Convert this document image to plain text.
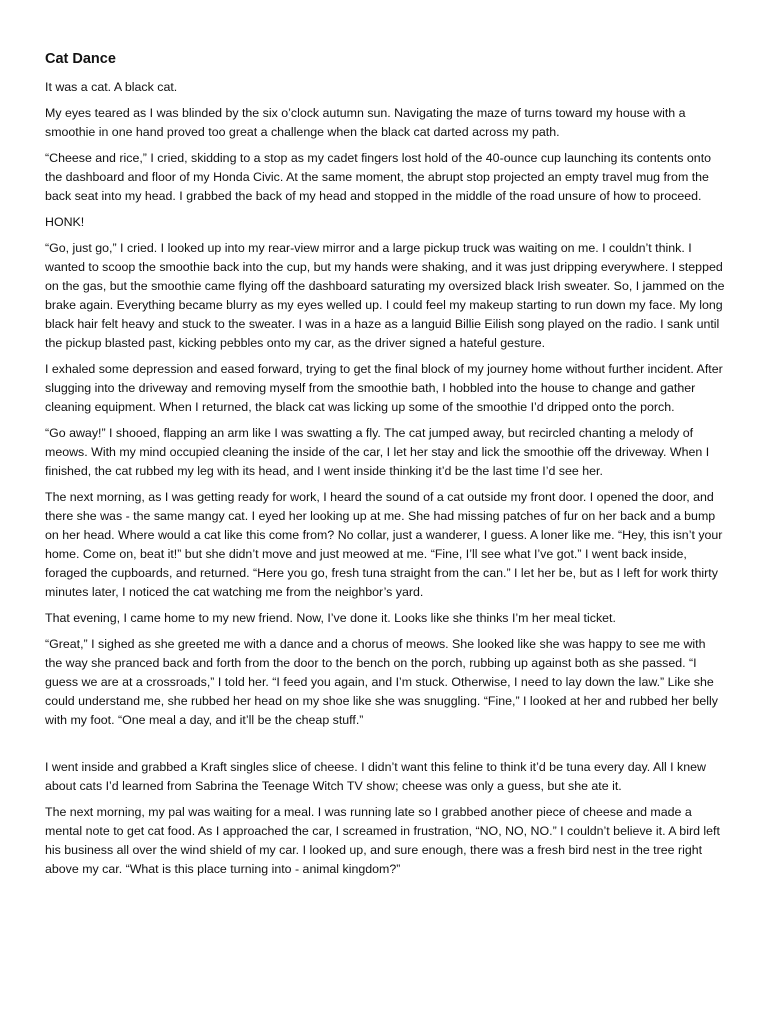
Cat Dance

It was a cat. A black cat.

My eyes teared as I was blinded by the six o’clock autumn sun. Navigating the maze of turns toward my house with a smoothie in one hand proved too great a challenge when the black cat darted across my path.

“Cheese and rice,” I cried, skidding to a stop as my cadet fingers lost hold of the 40-ounce cup launching its contents onto the dashboard and floor of my Honda Civic. At the same moment, the abrupt stop projected an empty travel mug from the back seat into my head. I grabbed the back of my head and stopped in the middle of the road unsure of how to proceed.

HONK!

“Go, just go,” I cried. I looked up into my rear-view mirror and a large pickup truck was waiting on me. I couldn’t think. I wanted to scoop the smoothie back into the cup, but my hands were shaking, and it was just dripping everywhere. I stepped on the gas, but the smoothie came flying off the dashboard saturating my oversized black Irish sweater. So, I jammed on the brake again. Everything became blurry as my eyes welled up. I could feel my makeup starting to run down my face. My long black hair felt heavy and stuck to the sweater. I was in a haze as a languid Billie Eilish song played on the radio. I sank until the pickup blasted past, kicking pebbles onto my car, as the driver signed a hateful gesture.

I exhaled some depression and eased forward, trying to get the final block of my journey home without further incident. After slugging into the driveway and removing myself from the smoothie bath, I hobbled into the house to change and gather cleaning equipment. When I returned, the black cat was licking up some of the smoothie I’d dripped onto the porch.

“Go away!” I shooed, flapping an arm like I was swatting a fly. The cat jumped away, but recircled chanting a melody of meows. With my mind occupied cleaning the inside of the car, I let her stay and lick the smoothie off the driveway. When I finished, the cat rubbed my leg with its head, and I went inside thinking it’d be the last time I’d see her.

The next morning, as I was getting ready for work, I heard the sound of a cat outside my front door. I opened the door, and there she was - the same mangy cat. I eyed her looking up at me. She had missing patches of fur on her back and a bump on her head. Where would a cat like this come from? No collar, just a wanderer, I guess. A loner like me. “Hey, this isn’t your home. Come on, beat it!” but she didn’t move and just meowed at me. “Fine, I’ll see what I’ve got.” I went back inside, foraged the cupboards, and returned. “Here you go, fresh tuna straight from the can.” I let her be, but as I left for work thirty minutes later, I noticed the cat watching me from the neighbor’s yard.

That evening, I came home to my new friend. Now, I’ve done it. Looks like she thinks I’m her meal ticket.

“Great,” I sighed as she greeted me with a dance and a chorus of meows. She looked like she was happy to see me with the way she pranced back and forth from the door to the bench on the porch, rubbing up against both as she passed. “I guess we are at a crossroads,” I told her. “I feed you again, and I’m stuck. Otherwise, I need to lay down the law.” Like she could understand me, she rubbed her head on my shoe like she was snuggling. “Fine,” I looked at her and rubbed her belly with my foot. “One meal a day, and it’ll be the cheap stuff.”

I went inside and grabbed a Kraft singles slice of cheese. I didn’t want this feline to think it’d be tuna every day. All I knew about cats I’d learned from Sabrina the Teenage Witch TV show; cheese was only a guess, but she ate it.

The next morning, my pal was waiting for a meal. I was running late so I grabbed another piece of cheese and made a mental note to get cat food. As I approached the car, I screamed in frustration, “NO, NO, NO.” I couldn’t believe it. A bird left his business all over the wind shield of my car. I looked up, and sure enough, there was a fresh bird nest in the tree right above my car. “What is this place turning into - animal kingdom?”
